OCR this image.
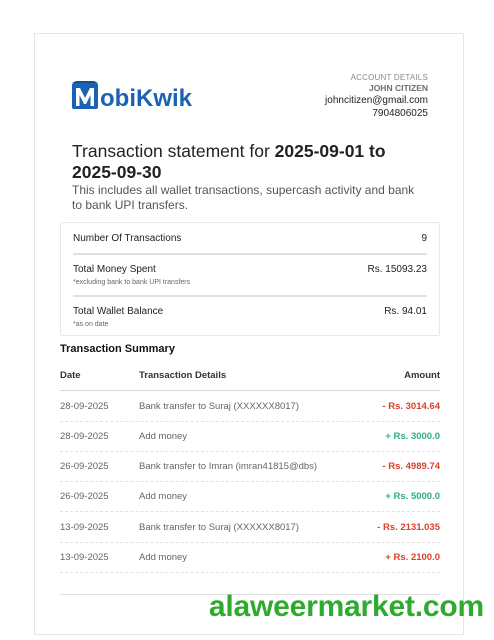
obiKwik
ACCOUNT DETAILS
JOHN CITIZEN
johncitizen@gmail.com
7904806025
Transaction statement for 2025-09-01 to 2025-09-30
This includes all wallet transactions, supercash activity and bank to bank UPI transfers.
Number Of Transactions	9
Total Money Spent	Rs. 15093.23
*excluding bank to bank UPI transfers
Total Wallet Balance	Rs. 94.01
*as on date
Transaction Summary
Date	Transaction Details	Amount
28-09-2025	Bank transfer to Suraj (XXXXXX8017)	- Rs. 3014.64
28-09-2025	Add money	+ Rs. 3000.0
26-09-2025	Bank transfer to Imran (imran41815@dbs)	- Rs. 4989.74
26-09-2025	Add money	+ Rs. 5000.0
13-09-2025	Bank transfer to Suraj (XXXXXX8017)	- Rs. 2131.035
13-09-2025	Add money	+ Rs. 2100.0
alaweermarket.com
